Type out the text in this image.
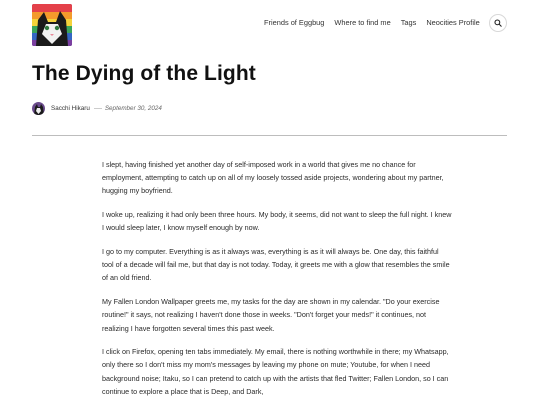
Friends of Eggbug Where to find me Tags Neocities Profile
The Dying of the Light
Sacchi Hikaru September 30, 2024

I slept, having finished yet another day of self-imposed work in a world that gives me no chance for employment, attempting to catch up on all of my loosely tossed aside projects, wondering about my partner, hugging my boyfriend.

I woke up, realizing it had only been three hours. My body, it seems, did not want to sleep the full night. I knew I would sleep later, I know myself enough by now.

I go to my computer. Everything is as it always was, everything is as it will always be. One day, this faithful tool of a decade will fail me, but that day is not today. Today, it greets me with a glow that resembles the smile of an old friend.

My Fallen London Wallpaper greets me, my tasks for the day are shown in my calendar. "Do your exercise routine!" it says, not realizing I haven't done those in weeks. "Don't forget your meds!" it continues, not realizing I have forgotten several times this past week.

I click on Firefox, opening ten tabs immediately. My email, there is nothing worthwhile in there; my Whatsapp, only there so I don't miss my mom's messages by leaving my phone on mute; Youtube, for when I need background noise; Itaku, so I can pretend to catch up with the artists that fled Twitter; Fallen London, so I can continue to explore a place that is Deep, and Dark,
